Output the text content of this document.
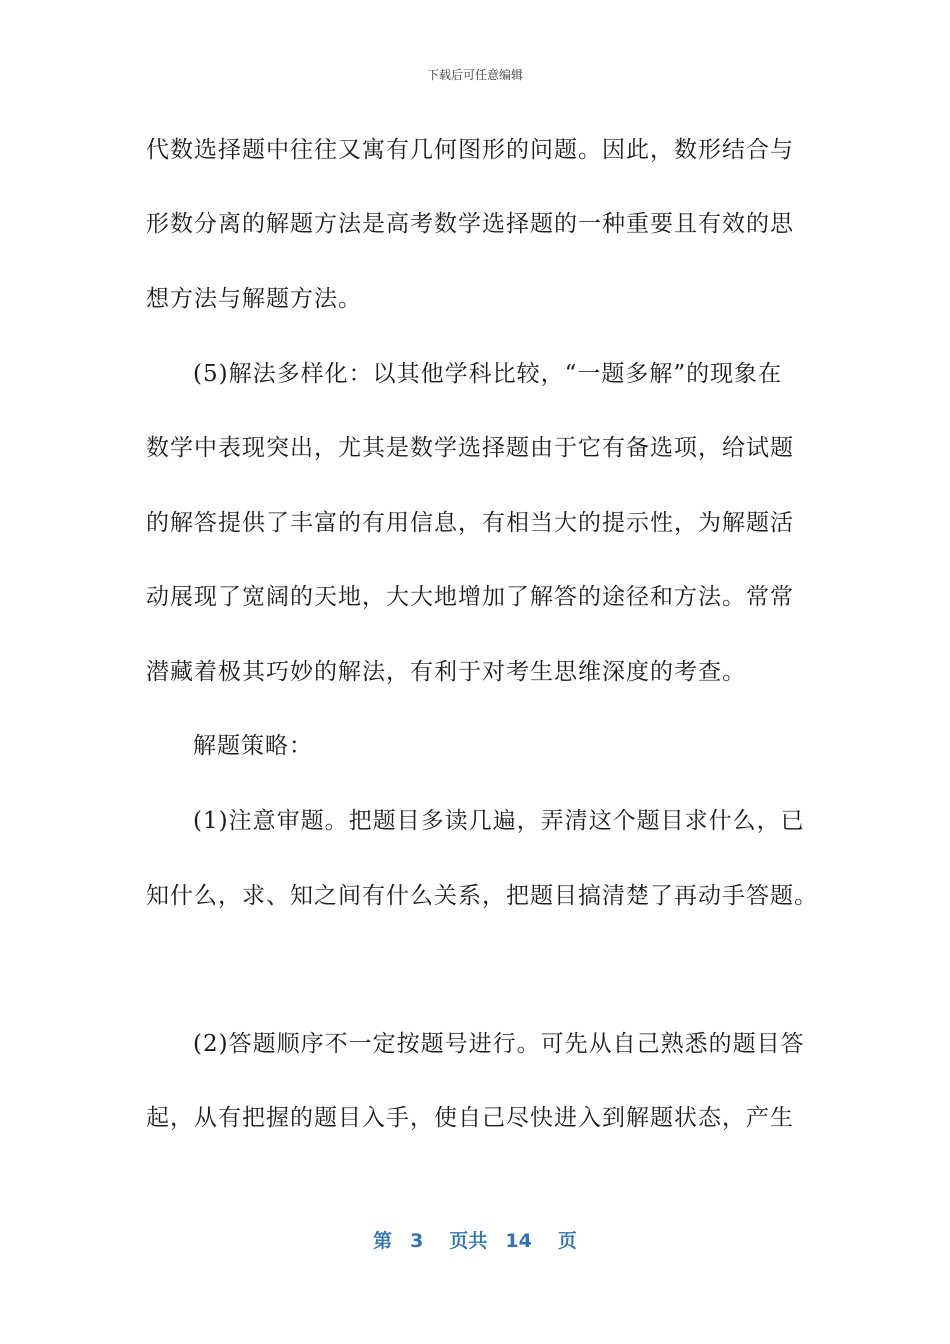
下载后可任意编辑
代数选择题中往往又寓有几何图形的问题。因此，数形结合与
形数分离的解题方法是高考数学选择题的一种重要且有效的思
想方法与解题方法。
(5)解法多样化：以其他学科比较，“一题多解”的现象在
数学中表现突出，尤其是数学选择题由于它有备选项，给试题
的解答提供了丰富的有用信息，有相当大的提示性，为解题活
动展现了宽阔的天地，大大地增加了解答的途径和方法。常常
潜藏着极其巧妙的解法，有利于对考生思维深度的考查。
解题策略：
(1)注意审题。把题目多读几遍，弄清这个题目求什么，已
知什么，求、知之间有什么关系，把题目搞清楚了再动手答题。
(2)答题顺序不一定按题号进行。可先从自己熟悉的题目答
起，从有把握的题目入手，使自己尽快进入到解题状态，产生
第 3 页共 14 页
